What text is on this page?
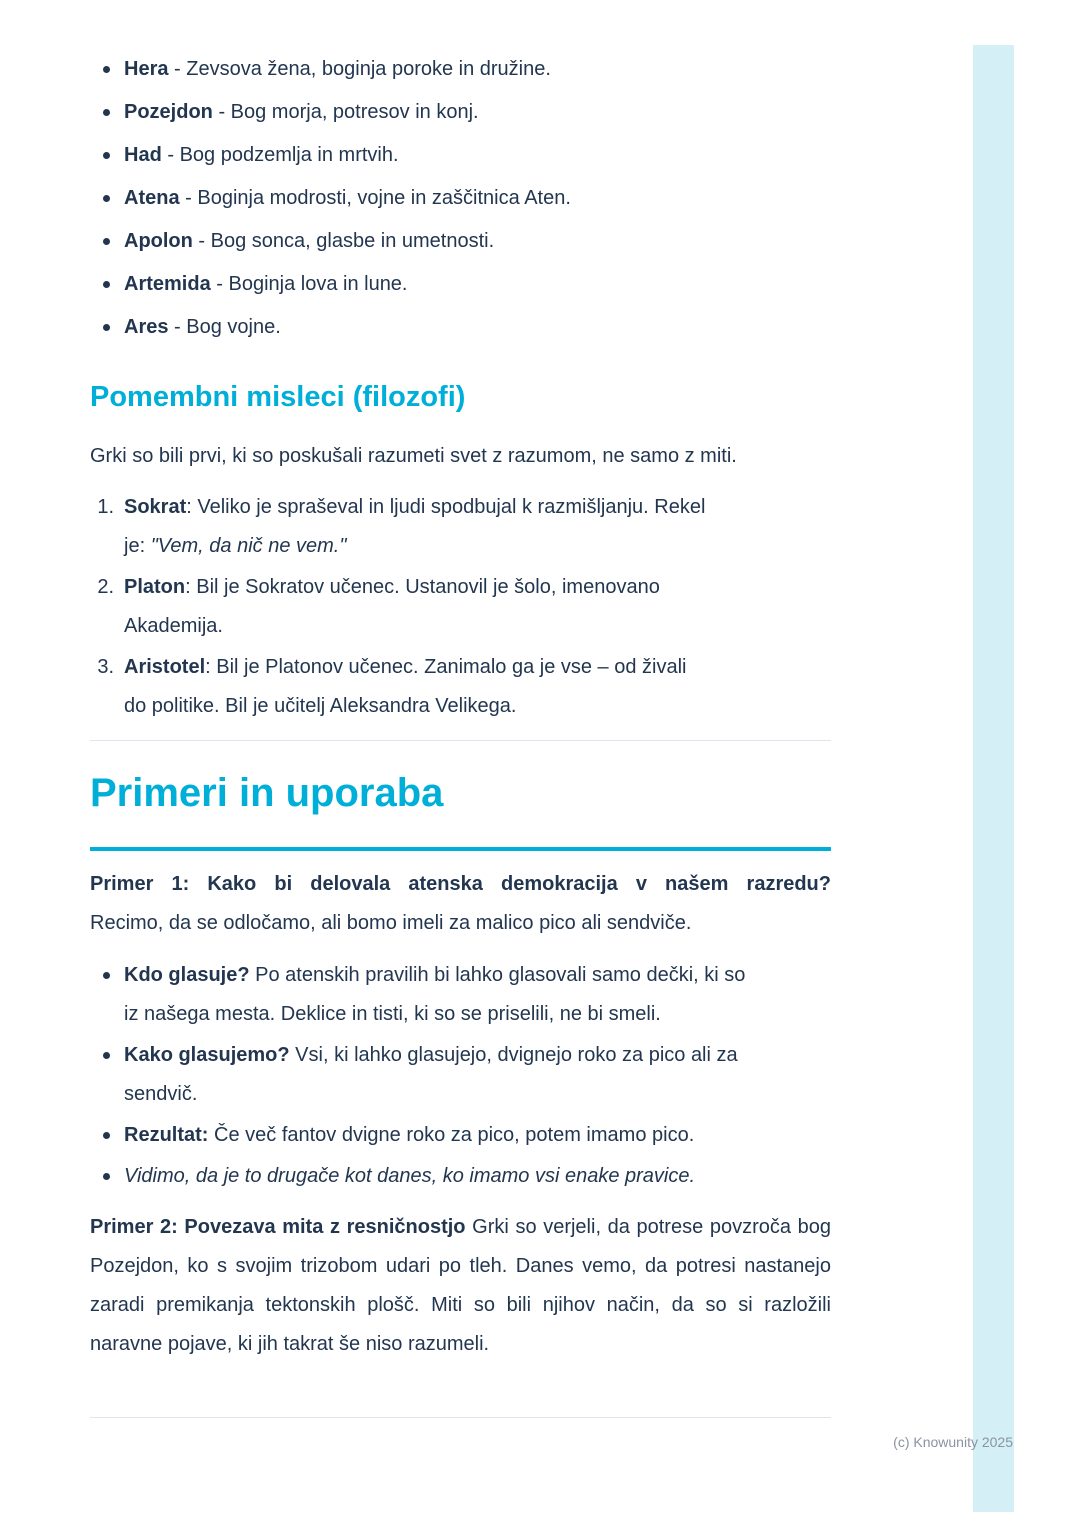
Hera - Zevsova žena, boginja poroke in družine.
Pozejdon - Bog morja, potresov in konj.
Had - Bog podzemlja in mrtvih.
Atena - Boginja modrosti, vojne in zaščitnica Aten.
Apolon - Bog sonca, glasbe in umetnosti.
Artemida - Boginja lova in lune.
Ares - Bog vojne.
Pomembni misleci (filozofi)

Grki so bili prvi, ki so poskušali razumeti svet z razumom, ne samo z miti.

Sokrat: Veliko je spraševal in ljudi spodbujal k razmišljanju. Rekel je: "Vem, da nič ne vem."
Platon: Bil je Sokratov učenec. Ustanovil je šolo, imenovano Akademija.
Aristotel: Bil je Platonov učenec. Zanimalo ga je vse – od živali do politike. Bil je učitelj Aleksandra Velikega.
Primeri in uporaba

Primer 1: Kako bi delovala atenska demokracija v našem razredu?

Recimo, da se odločamo, ali bomo imeli za malico pico ali sendviče.

Kdo glasuje? Po atenskih pravilih bi lahko glasovali samo dečki, ki so iz našega mesta. Deklice in tisti, ki so se priselili, ne bi smeli.
Kako glasujemo? Vsi, ki lahko glasujejo, dvignejo roko za pico ali za sendvič.
Rezultat: Če več fantov dvigne roko za pico, potem imamo pico.
Vidimo, da je to drugače kot danes, ko imamo vsi enake pravice.

Primer 2: Povezava mita z resničnostjo Grki so verjeli, da potrese povzroča bog Pozejdon, ko s svojim trizobom udari po tleh. Danes vemo, da potresi nastanejo zaradi premikanja tektonskih plošč. Miti so bili njihov način, da so si razložili naravne pojave, ki jih takrat še niso razumeli.

(c) Knowunity 2025
